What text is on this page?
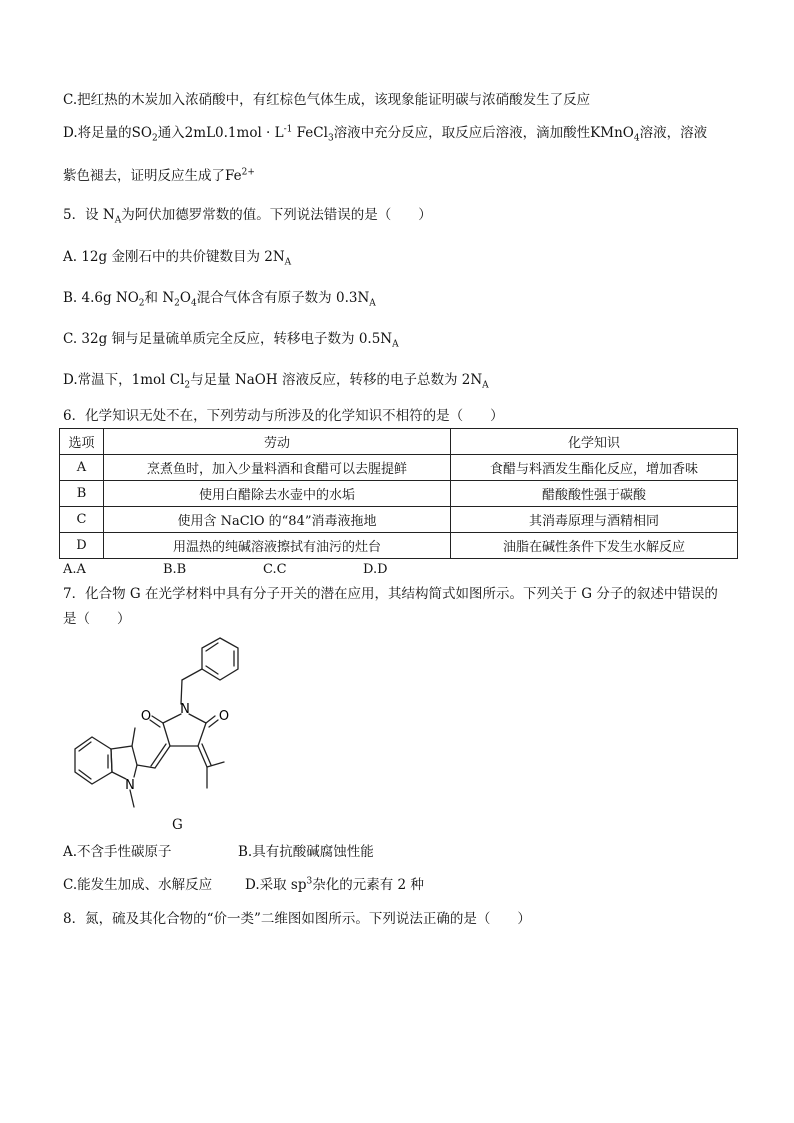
C.把红热的木炭加入浓硝酸中，有红棕色气体生成，该现象能证明碳与浓硝酸发生了反应
D.将足量的$SO_2$通入$2mL0.1mol \cdot L^{-1}$ FeCl$_3$溶液中充分反应，取反应后溶液，滴加酸性KMnO$_4$溶液，溶液
紫色褪去，证明反应生成了$Fe^{2+}$
5．设 $N_A$为阿伏加德罗常数的值。下列说法错误的是（　　）
A. 12g 金刚石中的共价键数目为 $2N_A$
B. 4.6g $NO_2$和 $N_2O_4$混合气体含有原子数为 $0.3N_A$
C. 32g 铜与足量硫单质完全反应，转移电子数为 $0.5N_A$
D.常温下，1mol $Cl_2$与足量 NaOH 溶液反应，转移的电子总数为 $2N_A$
6．化学知识无处不在，下列劳动与所涉及的化学知识不相符的是（　　）
选项	劳动	化学知识
A	烹煮鱼时，加入少量料酒和食醋可以去腥提鲜	食醋与料酒发生酯化反应，增加香味
B	使用白醋除去水壶中的水垢	醋酸酸性强于碳酸
C	使用含 NaClO 的“84”消毒液拖地	其消毒原理与酒精相同
D	用温热的纯碱溶液擦拭有油污的灶台	油脂在碱性条件下发生水解反应
A.A	B.B	C.C	D.D
7．化合物 G 在光学材料中具有分子开关的潜在应用，其结构简式如图所示。下列关于 G 分子的叙述中错误的
是（　　）
N
O	O
N
G
A.不含手性碳原子	B.具有抗酸碱腐蚀性能
C.能发生加成、水解反应 D.采取 $sp^3$杂化的元素有 2 种
8．氮，硫及其化合物的“价一类”二维图如图所示。下列说法正确的是（　　）
